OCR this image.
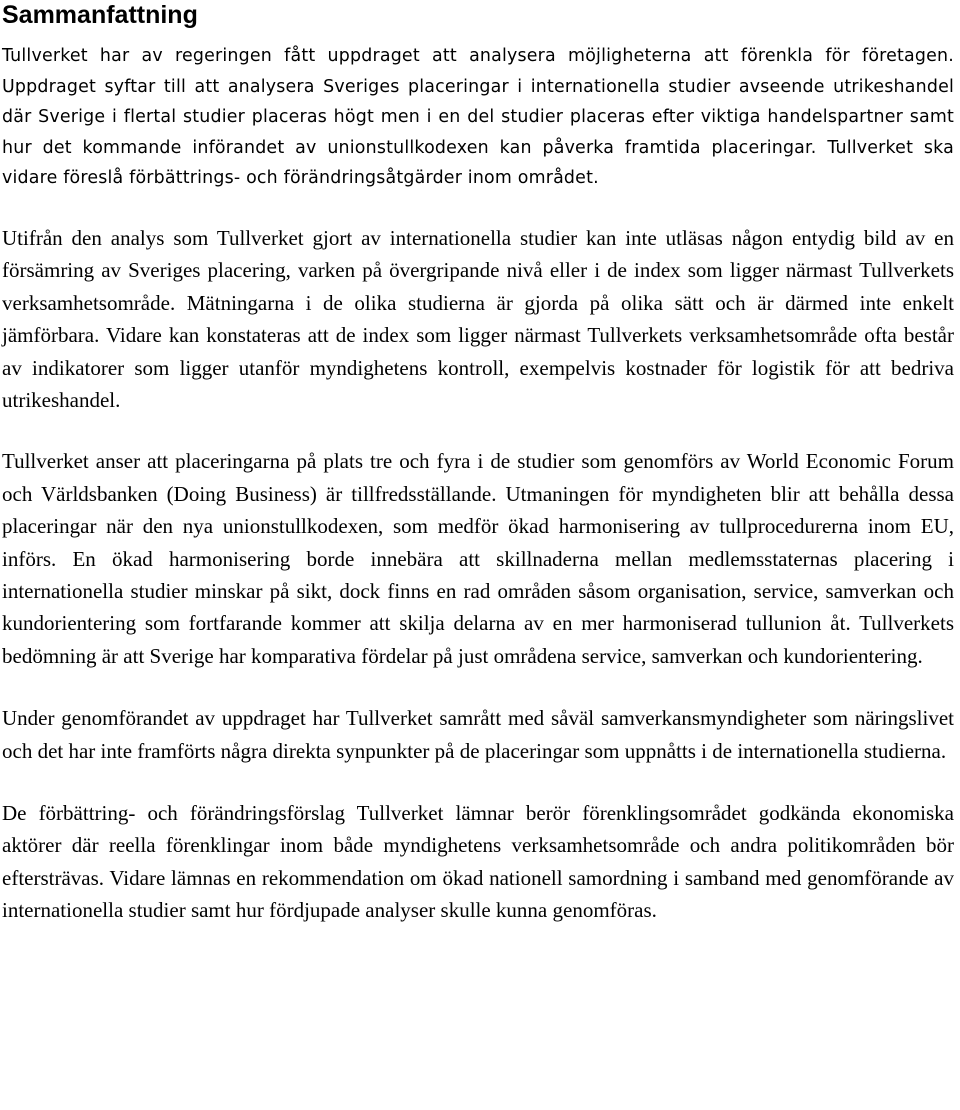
Sammanfattning

Tullverket har av regeringen fått uppdraget att analysera möjligheterna att förenkla för företagen. Uppdraget syftar till att analysera Sveriges placeringar i internationella studier avseende utrikeshandel där Sverige i flertal studier placeras högt men i en del studier placeras efter viktiga handelspartner samt hur det kommande införandet av unionstullkodexen kan påverka framtida placeringar. Tullverket ska vidare föreslå förbättrings- och förändringsåtgärder inom området.

Utifrån den analys som Tullverket gjort av internationella studier kan inte utläsas någon entydig bild av en försämring av Sveriges placering, varken på övergripande nivå eller i de index som ligger närmast Tullverkets verksamhetsområde. Mätningarna i de olika studierna är gjorda på olika sätt och är därmed inte enkelt jämförbara. Vidare kan konstateras att de index som ligger närmast Tullverkets verksamhetsområde ofta består av indikatorer som ligger utanför myndighetens kontroll, exempelvis kostnader för logistik för att bedriva utrikeshandel.

Tullverket anser att placeringarna på plats tre och fyra i de studier som genomförs av World Economic Forum och Världsbanken (Doing Business) är tillfredsställande. Utmaningen för myndigheten blir att behålla dessa placeringar när den nya unionstullkodexen, som medför ökad harmonisering av tullprocedurerna inom EU, införs. En ökad harmonisering borde innebära att skillnaderna mellan medlemsstaternas placering i internationella studier minskar på sikt, dock finns en rad områden såsom organisation, service, samverkan och kundorientering som fortfarande kommer att skilja delarna av en mer harmoniserad tullunion åt. Tullverkets bedömning är att Sverige har komparativa fördelar på just områdena service, samverkan och kundorientering.

Under genomförandet av uppdraget har Tullverket samrått med såväl samverkansmyndigheter som näringslivet och det har inte framförts några direkta synpunkter på de placeringar som uppnåtts i de internationella studierna.

De förbättring- och förändringsförslag Tullverket lämnar berör förenklingsområdet godkända ekonomiska aktörer där reella förenklingar inom både myndighetens verksamhetsområde och andra politikområden bör eftersträvas. Vidare lämnas en rekommendation om ökad nationell samordning i samband med genomförande av internationella studier samt hur fördjupade analyser skulle kunna genomföras.
